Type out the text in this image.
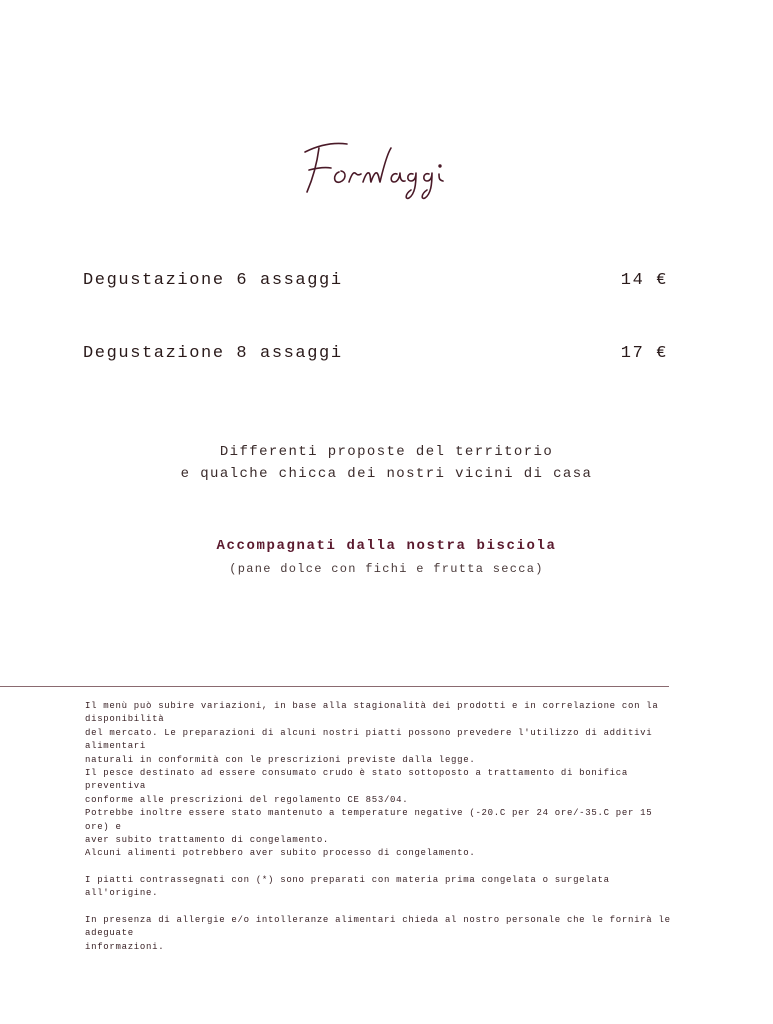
Degustazione 6 assaggi	14 €
Degustazione 8 assaggi	17 €
Differenti proposte del territorio
e qualche chicca dei nostri vicini di casa
Accompagnati dalla nostra bisciola
(pane dolce con fichi e frutta secca)

Il menù può subire variazioni, in base alla stagionalità dei prodotti e in correlazione con la disponibilità

del mercato. Le preparazioni di alcuni nostri piatti possono prevedere l'utilizzo di additivi alimentari

naturali in conformità con le prescrizioni previste dalla legge.

Il pesce destinato ad essere consumato crudo è stato sottoposto a trattamento di bonifica preventiva

conforme alle prescrizioni del regolamento CE 853/04.

Potrebbe inoltre essere stato mantenuto a temperature negative (-20.C per 24 ore/-35.C per 15 ore) e

aver subito trattamento di congelamento.

Alcuni alimenti potrebbero aver subito processo di congelamento.

I piatti contrassegnati con (*) sono preparati con materia prima congelata o surgelata all'origine.

In presenza di allergie e/o intolleranze alimentari chieda al nostro personale che le fornirà le adeguate

informazioni.
